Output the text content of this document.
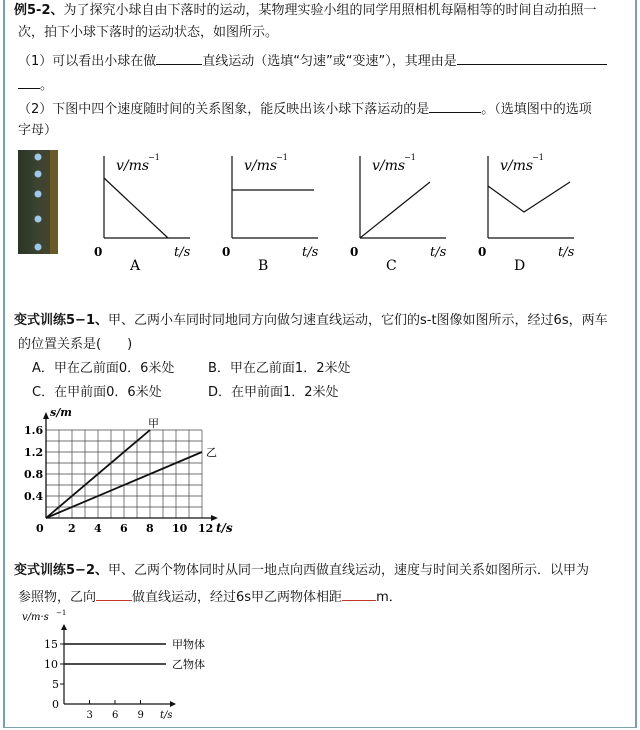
例5-2、为了探究小球自由下落时的运动，某物理实验小组的同学用照相机每隔相等的时间自动拍照一
次，拍下小球下落时的运动状态，如图所示。
（1）可以看出小球在做	直线运动（选填“匀速”或“变速”），其理由是
。
（2）下图中四个速度随时间的关系图象，能反映出该小球下落运动的是	。（选填图中的选项
字母）
v/ms
−1
t/s
0
A
v/ms
−1
t/s
0
B
v/ms
−1
t/s
0
C
v/ms
−1
t/s
0
D
变式训练5−1、甲、乙两小车同时同地同方向做匀速直线运动，它们的s-t图像如图所示，经过6s，两车
的位置关系是(　　)
A．甲在乙前面0．6米处	B．甲在乙前面1．2米处
C．在甲前面0．6米处	D．在甲前面1．2米处
s/m
t/s
0.4
0.8
1.2
1.6
0 2 4 6 8 10 12
甲
乙
变式训练5−2、甲、乙两个物体同时从同一地点向西做直线运动，速度与时间关系如图所示．以甲为
参照物，乙向	做直线运动，经过6s甲乙两物体相距	m．
v/m·s −1
t/s
0
5
10
15
3 6 9
甲物体
乙物体
